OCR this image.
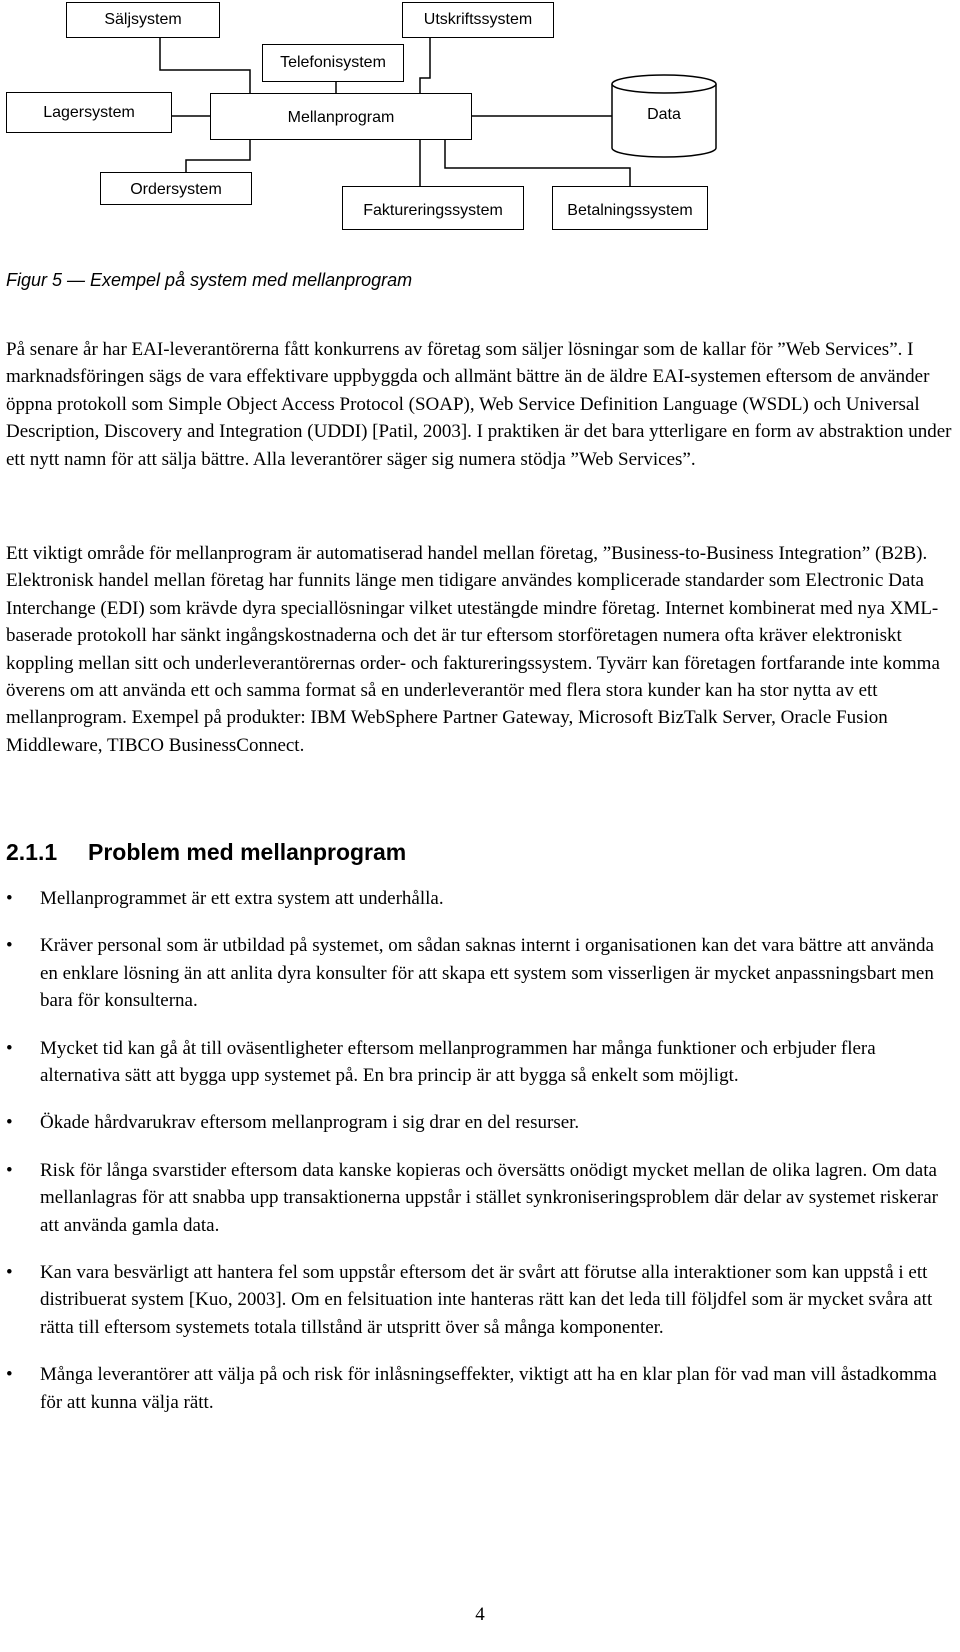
Säljsystem	Utskriftssystem
Telefonisystem
Lagersystem	Mellanprogram	Data
Ordersystem
Faktureringssystem	Betalningssystem
Figur 5 — Exempel på system med mellanprogram

På senare år har EAI-leverantörerna fått konkurrens av företag som säljer lösningar som de kallar för ”Web Services”. I marknadsföringen sägs de vara effektivare uppbyggda och allmänt bättre än de äldre EAI-systemen eftersom de använder öppna protokoll som Simple Object Access Protocol (SOAP), Web Service Definition Language (WSDL) och Universal Description, Discovery and Integration (UDDI) [Patil, 2003]. I praktiken är det bara ytterligare en form av abstraktion under ett nytt namn för att sälja bättre. Alla leverantörer säger sig numera stödja ”Web Services”.

Ett viktigt område för mellanprogram är automatiserad handel mellan företag, ”Business-to-Business Integration” (B2B). Elektronisk handel mellan företag har funnits länge men tidigare användes komplicerade standarder som Electronic Data Interchange (EDI) som krävde dyra speciallösningar vilket utestängde mindre företag. Internet kombinerat med nya XML-baserade protokoll har sänkt ingångskostnaderna och det är tur eftersom storföretagen numera ofta kräver elektroniskt koppling mellan sitt och underleverantörernas order- och faktureringssystem. Tyvärr kan företagen fortfarande inte komma överens om att använda ett och samma format så en underleverantör med flera stora kunder kan ha stor nytta av ett mellanprogram. Exempel på produkter: IBM WebSphere Partner Gateway, Microsoft BizTalk Server, Oracle Fusion Middleware, TIBCO BusinessConnect.

2.1.1 Problem med mellanprogram
• Mellanprogrammet är ett extra system att underhålla.
• Kräver personal som är utbildad på systemet, om sådan saknas internt i organisationen kan det vara bättre att använda en enklare lösning än att anlita dyra konsulter för att skapa ett system som visserligen är mycket anpassningsbart men bara för konsulterna.
• Mycket tid kan gå åt till oväsentligheter eftersom mellanprogrammen har många funktioner och erbjuder flera alternativa sätt att bygga upp systemet på. En bra princip är att bygga så enkelt som möjligt.
• Ökade hårdvarukrav eftersom mellanprogram i sig drar en del resurser.
• Risk för långa svarstider eftersom data kanske kopieras och översätts onödigt mycket mellan de olika lagren. Om data mellanlagras för att snabba upp transaktionerna uppstår i stället synkroniseringsproblem där delar av systemet riskerar att använda gamla data.
• Kan vara besvärligt att hantera fel som uppstår eftersom det är svårt att förutse alla interaktioner som kan uppstå i ett distribuerat system [Kuo, 2003]. Om en felsituation inte hanteras rätt kan det leda till följdfel som är mycket svåra att rätta till eftersom systemets totala tillstånd är utspritt över så många komponenter.
• Många leverantörer att välja på och risk för inlåsningseffekter, viktigt att ha en klar plan för vad man vill åstadkomma för att kunna välja rätt.
4
